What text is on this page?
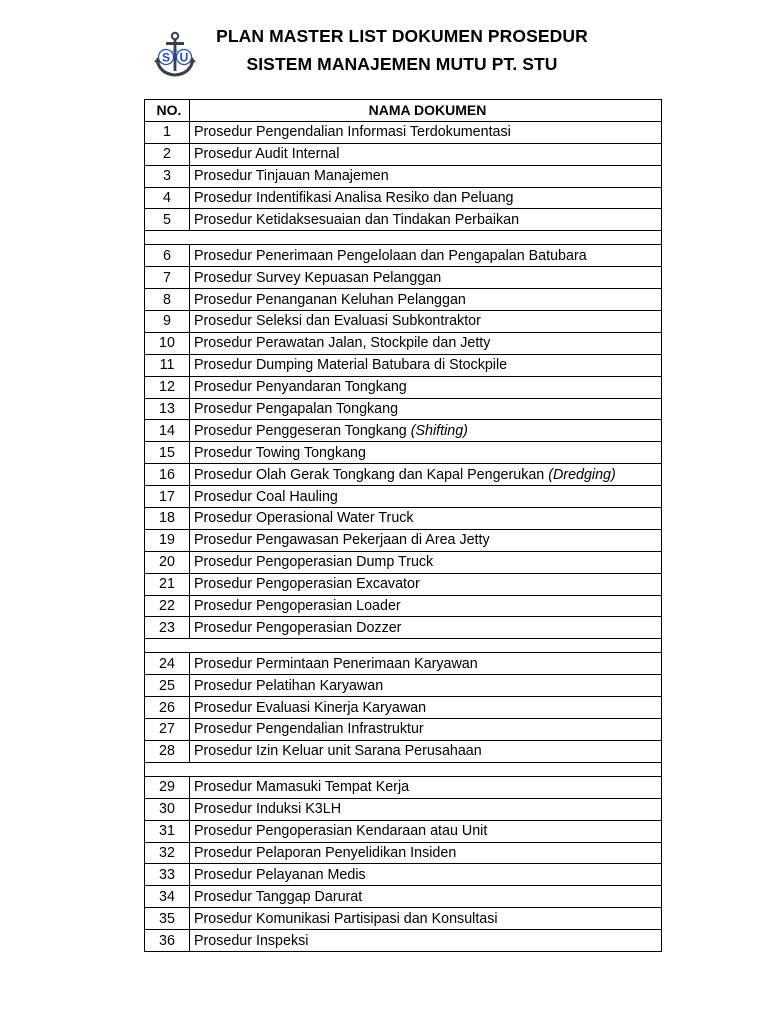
S T U
PLAN MASTER LIST DOKUMEN PROSEDUR
SISTEM MANAJEMEN MUTU PT. STU
NO.	NAMA DOKUMEN
1	Prosedur Pengendalian Informasi Terdokumentasi
2	Prosedur Audit Internal
3	Prosedur Tinjauan Manajemen
4	Prosedur Indentifikasi Analisa Resiko dan Peluang
5	Prosedur Ketidaksesuaian dan Tindakan Perbaikan

6	Prosedur Penerimaan Pengelolaan dan Pengapalan Batubara
7	Prosedur Survey Kepuasan Pelanggan
8	Prosedur Penanganan Keluhan Pelanggan
9	Prosedur Seleksi dan Evaluasi Subkontraktor
10	Prosedur Perawatan Jalan, Stockpile dan Jetty
11	Prosedur Dumping Material Batubara di Stockpile
12	Prosedur Penyandaran Tongkang
13	Prosedur Pengapalan Tongkang
14	Prosedur Penggeseran Tongkang (Shifting)
15	Prosedur Towing Tongkang
16	Prosedur Olah Gerak Tongkang dan Kapal Pengerukan (Dredging)
17	Prosedur Coal Hauling
18	Prosedur Operasional Water Truck
19	Prosedur Pengawasan Pekerjaan di Area Jetty
20	Prosedur Pengoperasian Dump Truck
21	Prosedur Pengoperasian Excavator
22	Prosedur Pengoperasian Loader
23	Prosedur Pengoperasian Dozzer

24	Prosedur Permintaan Penerimaan Karyawan
25	Prosedur Pelatihan Karyawan
26	Prosedur Evaluasi Kinerja Karyawan
27	Prosedur Pengendalian Infrastruktur
28	Prosedur Izin Keluar unit Sarana Perusahaan

29	Prosedur Mamasuki Tempat Kerja
30	Prosedur Induksi K3LH
31	Prosedur Pengoperasian Kendaraan atau Unit
32	Prosedur Pelaporan Penyelidikan Insiden
33	Prosedur Pelayanan Medis
34	Prosedur Tanggap Darurat
35	Prosedur Komunikasi Partisipasi dan Konsultasi
36	Prosedur Inspeksi
